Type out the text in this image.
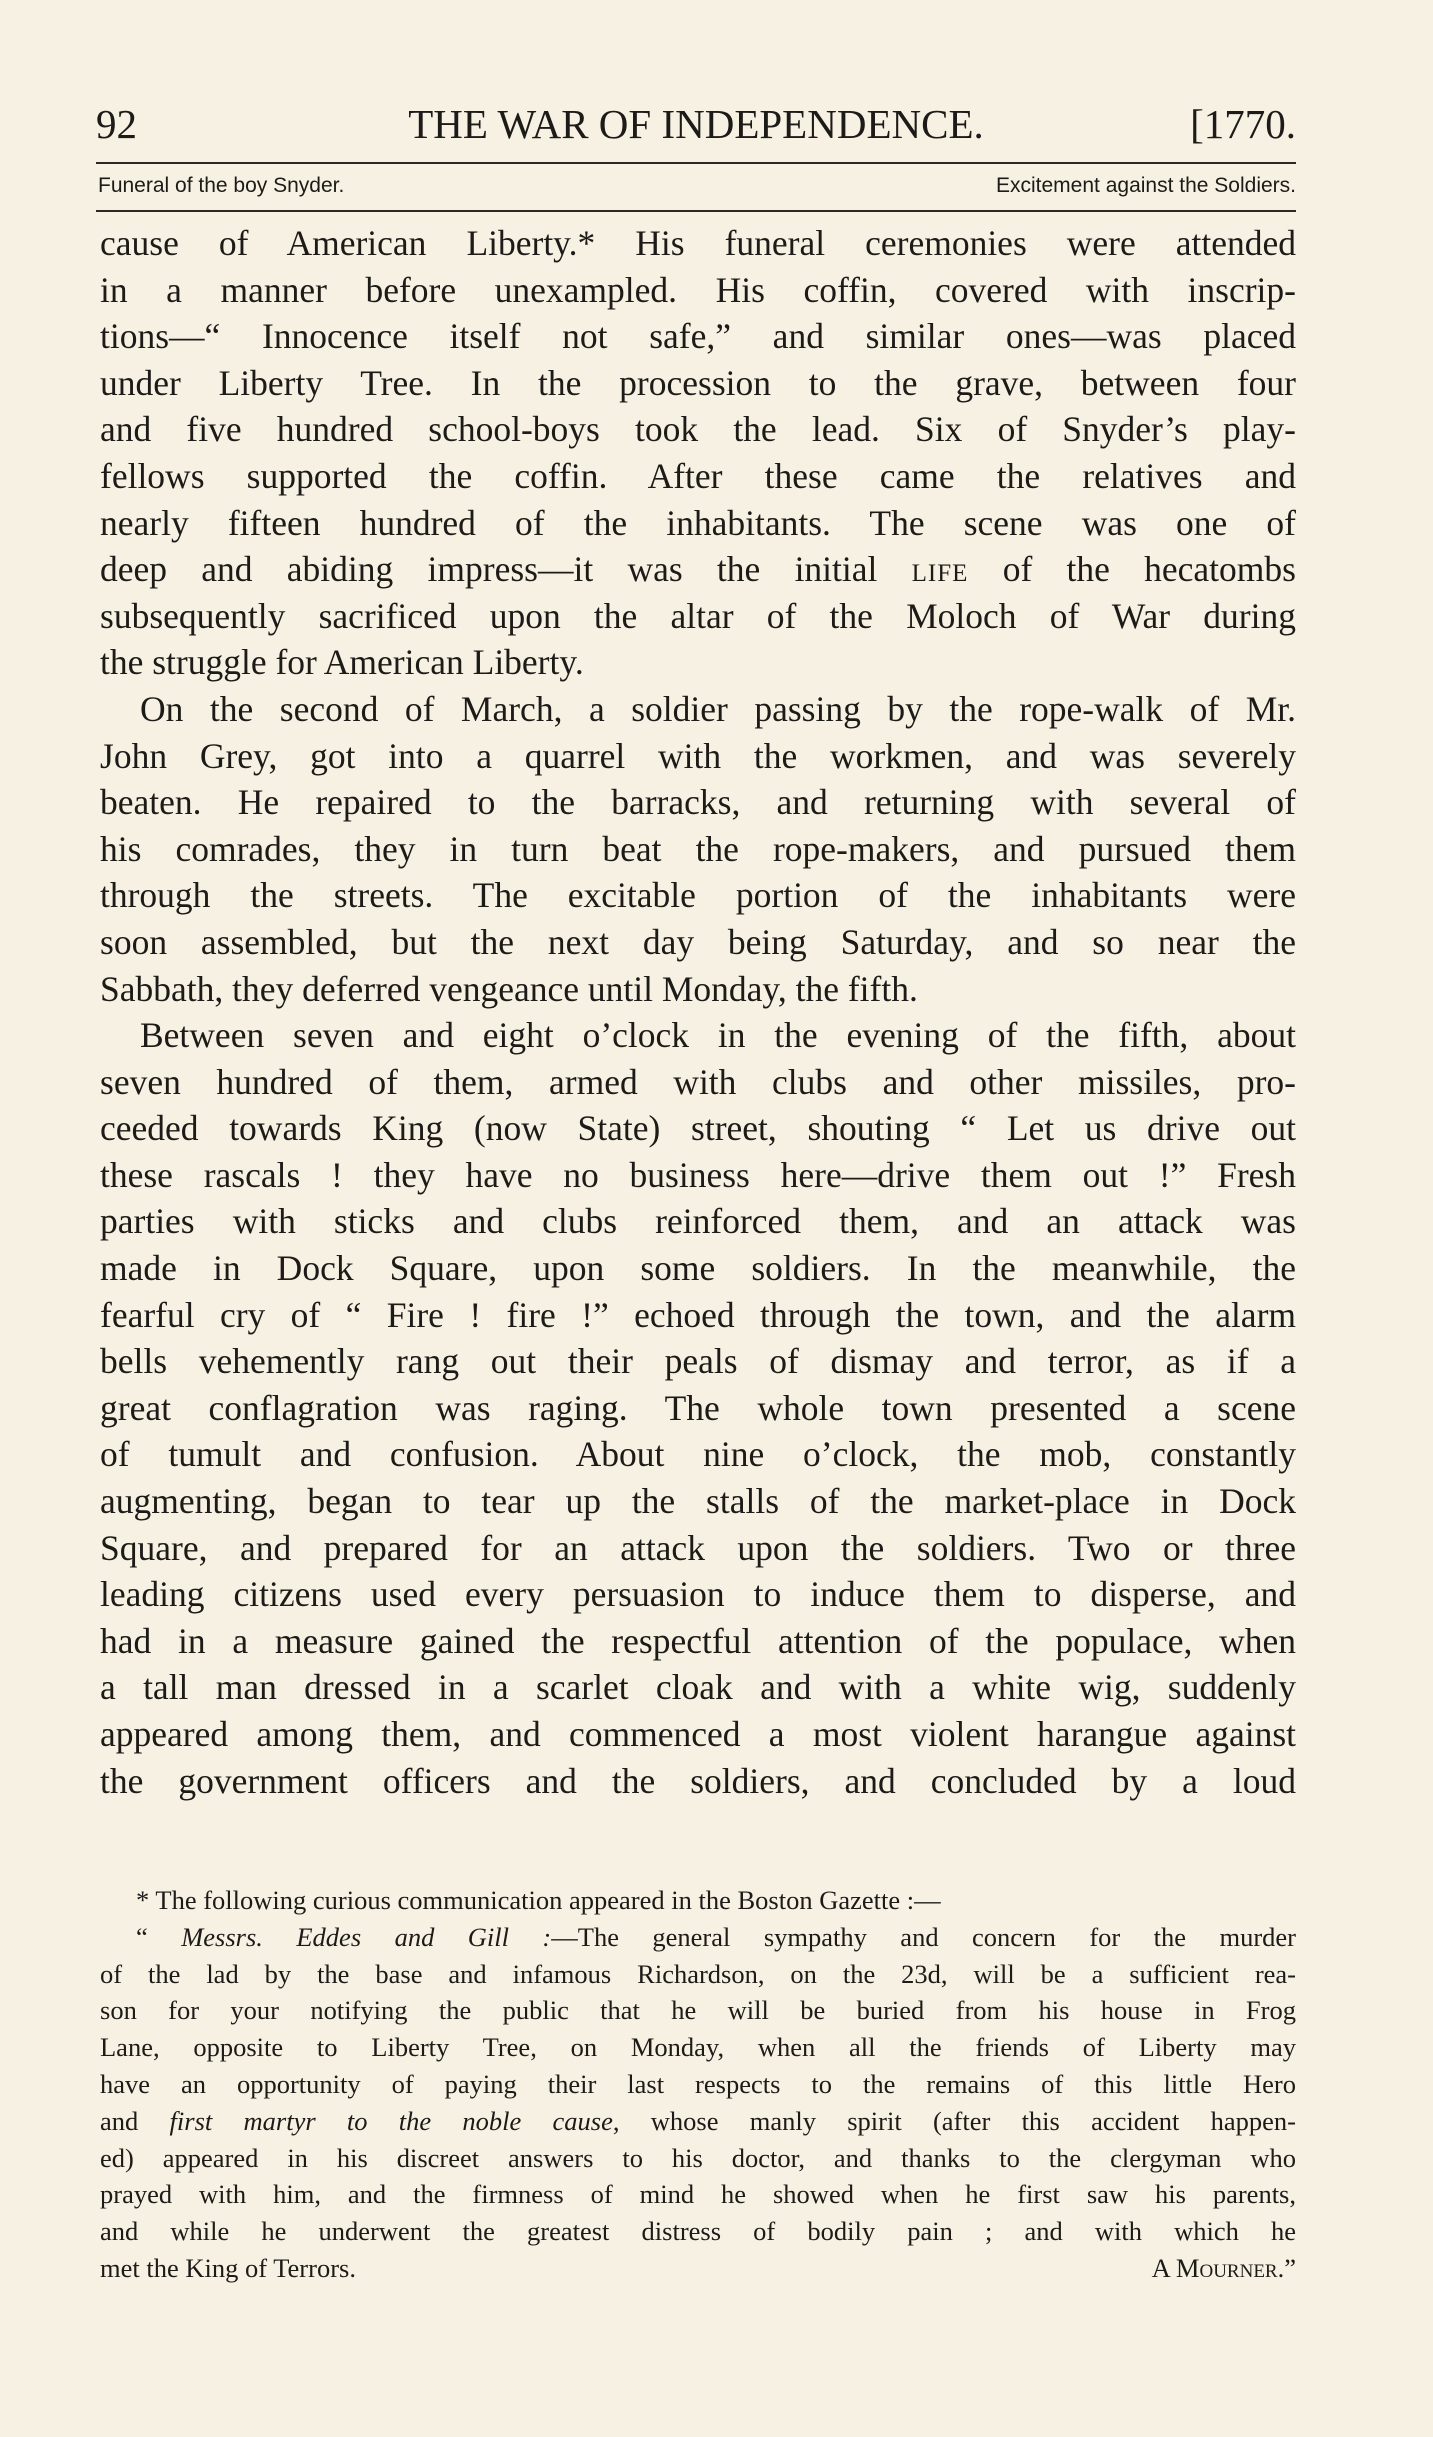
THE WAR OF INDEPENDENCE.
92	[1770.
Funeral of the boy Snyder.	Excitement against the Soldiers.

cause of American Liberty.* His funeral ceremonies were attended

in a manner before unexampled. His coffin, covered with inscrip-

tions—“ Innocence itself not safe,” and similar ones—was placed

under Liberty Tree. In the procession to the grave, between four

and five hundred school-boys took the lead. Six of Snyder’s play-

fellows supported the coffin. After these came the relatives and

nearly fifteen hundred of the inhabitants. The scene was one of

deep and abiding impress—it was the initial life of the hecatombs

subsequently sacrificed upon the altar of the Moloch of War during

the struggle for American Liberty.

On the second of March, a soldier passing by the rope-walk of Mr.

John Grey, got into a quarrel with the workmen, and was severely

beaten. He repaired to the barracks, and returning with several of

his comrades, they in turn beat the rope-makers, and pursued them

through the streets. The excitable portion of the inhabitants were

soon assembled, but the next day being Saturday, and so near the

Sabbath, they deferred vengeance until Monday, the fifth.

Between seven and eight o’clock in the evening of the fifth, about

seven hundred of them, armed with clubs and other missiles, pro-

ceeded towards King (now State) street, shouting “ Let us drive out

these rascals ! they have no business here—drive them out !” Fresh

parties with sticks and clubs reinforced them, and an attack was

made in Dock Square, upon some soldiers. In the meanwhile, the

fearful cry of “ Fire ! fire !” echoed through the town, and the alarm

bells vehemently rang out their peals of dismay and terror, as if a

great conflagration was raging. The whole town presented a scene

of tumult and confusion. About nine o’clock, the mob, constantly

augmenting, began to tear up the stalls of the market-place in Dock

Square, and prepared for an attack upon the soldiers. Two or three

leading citizens used every persuasion to induce them to disperse, and

had in a measure gained the respectful attention of the populace, when

a tall man dressed in a scarlet cloak and with a white wig, suddenly

appeared among them, and commenced a most violent harangue against

the government officers and the soldiers, and concluded by a loud

* The following curious communication appeared in the Boston Gazette :—

“ Messrs. Eddes and Gill :—The general sympathy and concern for the murder

of the lad by the base and infamous Richardson, on the 23d, will be a sufficient rea-

son for your notifying the public that he will be buried from his house in Frog

Lane, opposite to Liberty Tree, on Monday, when all the friends of Liberty may

have an opportunity of paying their last respects to the remains of this little Hero

and first martyr to the noble cause, whose manly spirit (after this accident happen-

ed) appeared in his discreet answers to his doctor, and thanks to the clergyman who

prayed with him, and the firmness of mind he showed when he first saw his parents,

and while he underwent the greatest distress of bodily pain ; and with which he

met the King of Terrors.	A Mourner.”
